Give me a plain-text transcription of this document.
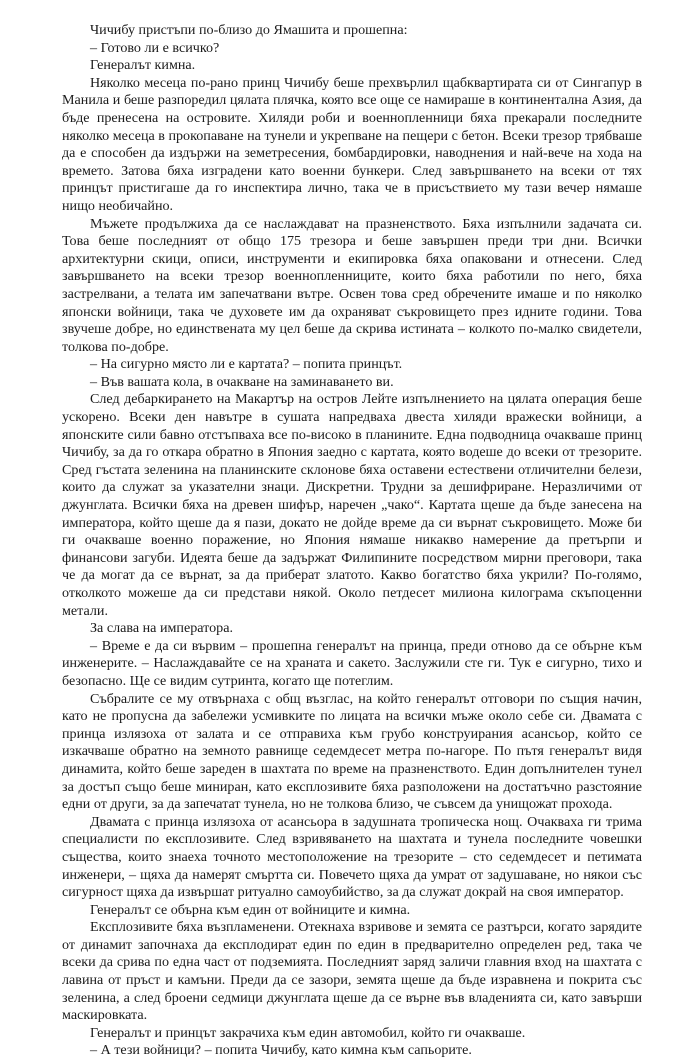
Чичибу пристъпи по-близо до Ямашита и прошепна:

– Готово ли е всичко?

Генералът кимна.

Няколко месеца по-рано принц Чичибу беше прехвърлил щабквартирата си от Сингапур в Манила и беше разпоредил цялата плячка, която все още се намираше в континентална Азия, да бъде пренесена на островите. Хиляди роби и военнопленници бяха прекарали последните няколко месеца в прокопаване на тунели и укрепване на пещери с бетон. Всеки трезор трябваше да е способен да издържи на земетресения, бомбардировки, наводнения и най-вече на хода на времето. Затова бяха изградени като военни бункери. След завършването на всеки от тях принцът пристигаше да го инспектира лично, така че в присъствието му тази вечер нямаше нищо необичайно.

Мъжете продължиха да се наслаждават на празненството. Бяха изпълнили задачата си. Това беше последният от общо 175 трезора и беше завършен преди три дни. Всички архитектурни скици, описи, инструменти и екипировка бяха опаковани и отнесени. След завършването на всеки трезор военнопленниците, които бяха работили по него, бяха застрелвани, а телата им запечатвани вътре. Освен това сред обречените имаше и по няколко японски войници, така че духовете им да охраняват съкровището през идните години. Това звучеше добре, но единствената му цел беше да скрива истината – колкото по-малко свидетели, толкова по-добре.

– На сигурно място ли е картата? – попита принцът.

– Във вашата кола, в очакване на заминаването ви.

След дебаркирането на Макартър на остров Лейте изпълнението на цялата операция беше ускорено. Всеки ден навътре в сушата напредваха двеста хиляди вражески войници, а японските сили бавно отстъпваха все по-високо в планините. Една подводница очакваше принц Чичибу, за да го откара обратно в Япония заедно с картата, която водеше до всеки от трезорите. Сред гъстата зеленина на планинските склонове бяха оставени естествени отличителни белези, които да служат за указателни знаци. Дискретни. Трудни за дешифриране. Неразличими от джунглата. Всички бяха на древен шифър, наречен „чако“. Картата щеше да бъде занесена на императора, който щеше да я пази, докато не дойде време да си върнат съкровището. Може би ги очакваше военно поражение, но Япония нямаше никакво намерение да претърпи и финансови загуби. Идеята беше да задържат Филипините посредством мирни преговори, така че да могат да се върнат, за да приберат златото. Какво богатство бяха укрили? По-голямо, отколкото можеше да си представи някой. Около петдесет милиона килограма скъпоценни метали.

За слава на императора.

– Време е да си вървим – прошепна генералът на принца, преди отново да се обърне към инженерите. – Наслаждавайте се на храната и сакето. Заслужили сте ги. Тук е сигурно, тихо и безопасно. Ще се видим сутринта, когато ще потеглим.

Събралите се му отвърнаха с общ възглас, на който генералът отговори по същия начин, като не пропусна да забележи усмивките по лицата на всички мъже около себе си. Двамата с принца излязоха от залата и се отправиха към грубо конструирания асансьор, който се изкачваше обратно на земното равнище седемдесет метра по-нагоре. По пътя генералът видя динамита, който беше зареден в шахтата по време на празненството. Един допълнителен тунел за достъп също беше миниран, като експлозивите бяха разположени на достатъчно разстояние едни от други, за да запечатат тунела, но не толкова близо, че съвсем да унищожат прохода.

Двамата с принца излязоха от асансьора в задушната тропическа нощ. Очакваха ги трима специалисти по експлозивите. След взривяването на шахтата и тунела последните човешки същества, които знаеха точното местоположение на трезорите – сто седемдесет и петимата инженери, – щяха да намерят смъртта си. Повечето щяха да умрат от задушаване, но някои със сигурност щяха да извършат ритуално самоубийство, за да служат докрай на своя император.

Генералът се обърна към един от войниците и кимна.

Експлозивите бяха възпламенени. Отекнаха взривове и земята се разтърси, когато зарядите от динамит започнаха да експлодират един по един в предварително определен ред, така че всеки да срива по една част от подземията. Последният заряд заличи главния вход на шахтата с лавина от пръст и камъни. Преди да се зазори, земята щеше да бъде изравнена и покрита със зеленина, а след броени седмици джунглата щеше да се върне във владенията си, като завърши маскировката.

Генералът и принцът закрачиха към един автомобил, който ги очакваше.

– А тези войници? – попита Чичибу, като кимна към сапьорите.
